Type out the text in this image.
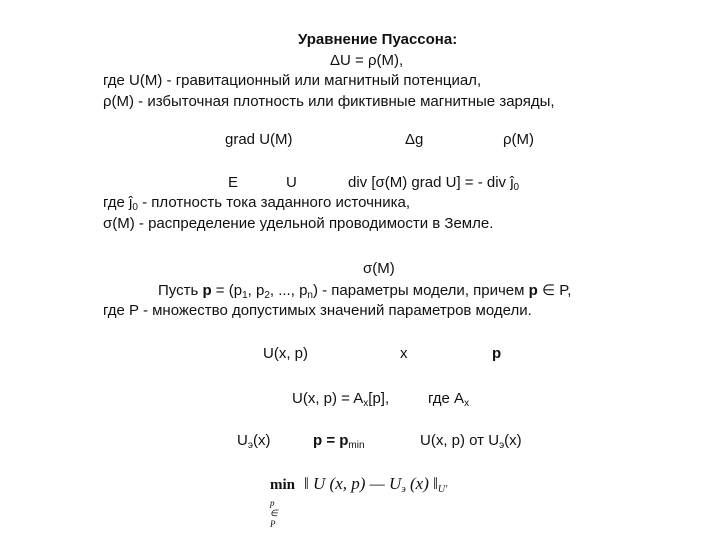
Уравнение Пуассона:
ΔU = ρ(M),
где U(M) - гравитационный или магнитный потенциал,
ρ(M) - избыточная плотность или фиктивные магнитные заряды,
grad U(M)	Δg	ρ(M)
E	U	div [σ(M) grad U] = - div $ĵ_0$
где $ĵ_0$ - плотность тока заданного источника,
σ(M) - распределение удельной проводимости в Земле.
σ(M)
Пусть $p = (p_1$, $p_2$, ..., $p_n$) - параметры модели, причем p ∈ P,
где P - множество допустимых значений параметров модели.
U(x, p)	x	p
U(x, $p) = A_x[p]$,	где $A_x$
$U_э(x)$	$p = p_{min}$	U(x, p) от $U_э(x)$
min
p ∈ P
‖ U (x, p) — $U_э$ (x) $‖_{U'}$
